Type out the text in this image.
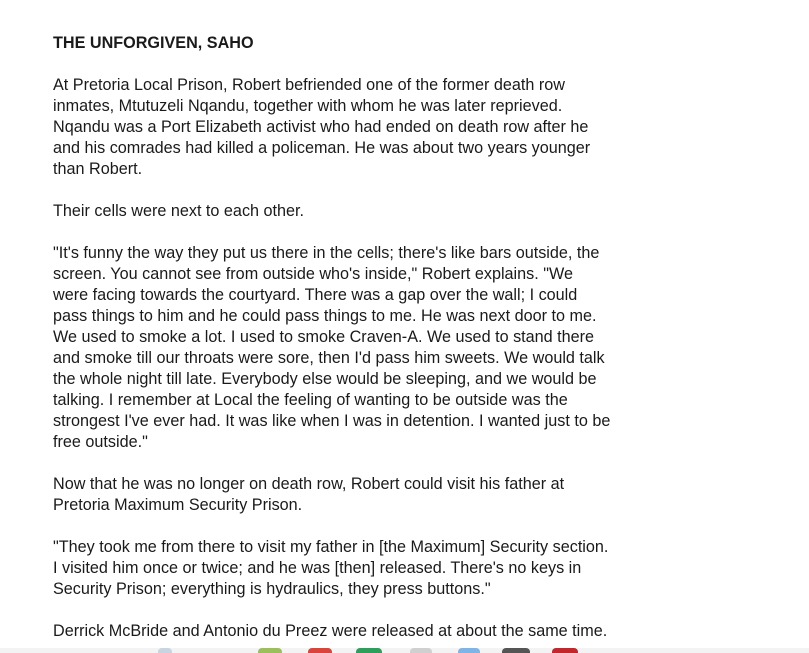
THE UNFORGIVEN, SAHO
At Pretoria Local Prison, Robert befriended one of the former death row
inmates, Mtutuzeli Nqandu, together with whom he was later reprieved.
Nqandu was a Port Elizabeth activist who had ended on death row after he
and his comrades had killed a policeman. He was about two years younger
than Robert.
Their cells were next to each other.
"It's funny the way they put us there in the cells; there's like bars outside, the
screen. You cannot see from outside who's inside," Robert explains. "We
were facing towards the courtyard. There was a gap over the wall; I could
pass things to him and he could pass things to me. He was next door to me.
We used to smoke a lot. I used to smoke Craven-A. We used to stand there
and smoke till our throats were sore, then I'd pass him sweets. We would talk
the whole night till late. Everybody else would be sleeping, and we would be
talking. I remember at Local the feeling of wanting to be outside was the
strongest I've ever had. It was like when I was in detention. I wanted just to be
free outside."
Now that he was no longer on death row, Robert could visit his father at
Pretoria Maximum Security Prison.
"They took me from there to visit my father in [the Maximum] Security section.
I visited him once or twice; and he was [then] released. There's no keys in
Security Prison; everything is hydraulics, they press buttons."
Derrick McBride and Antonio du Preez were released at about the same time.
